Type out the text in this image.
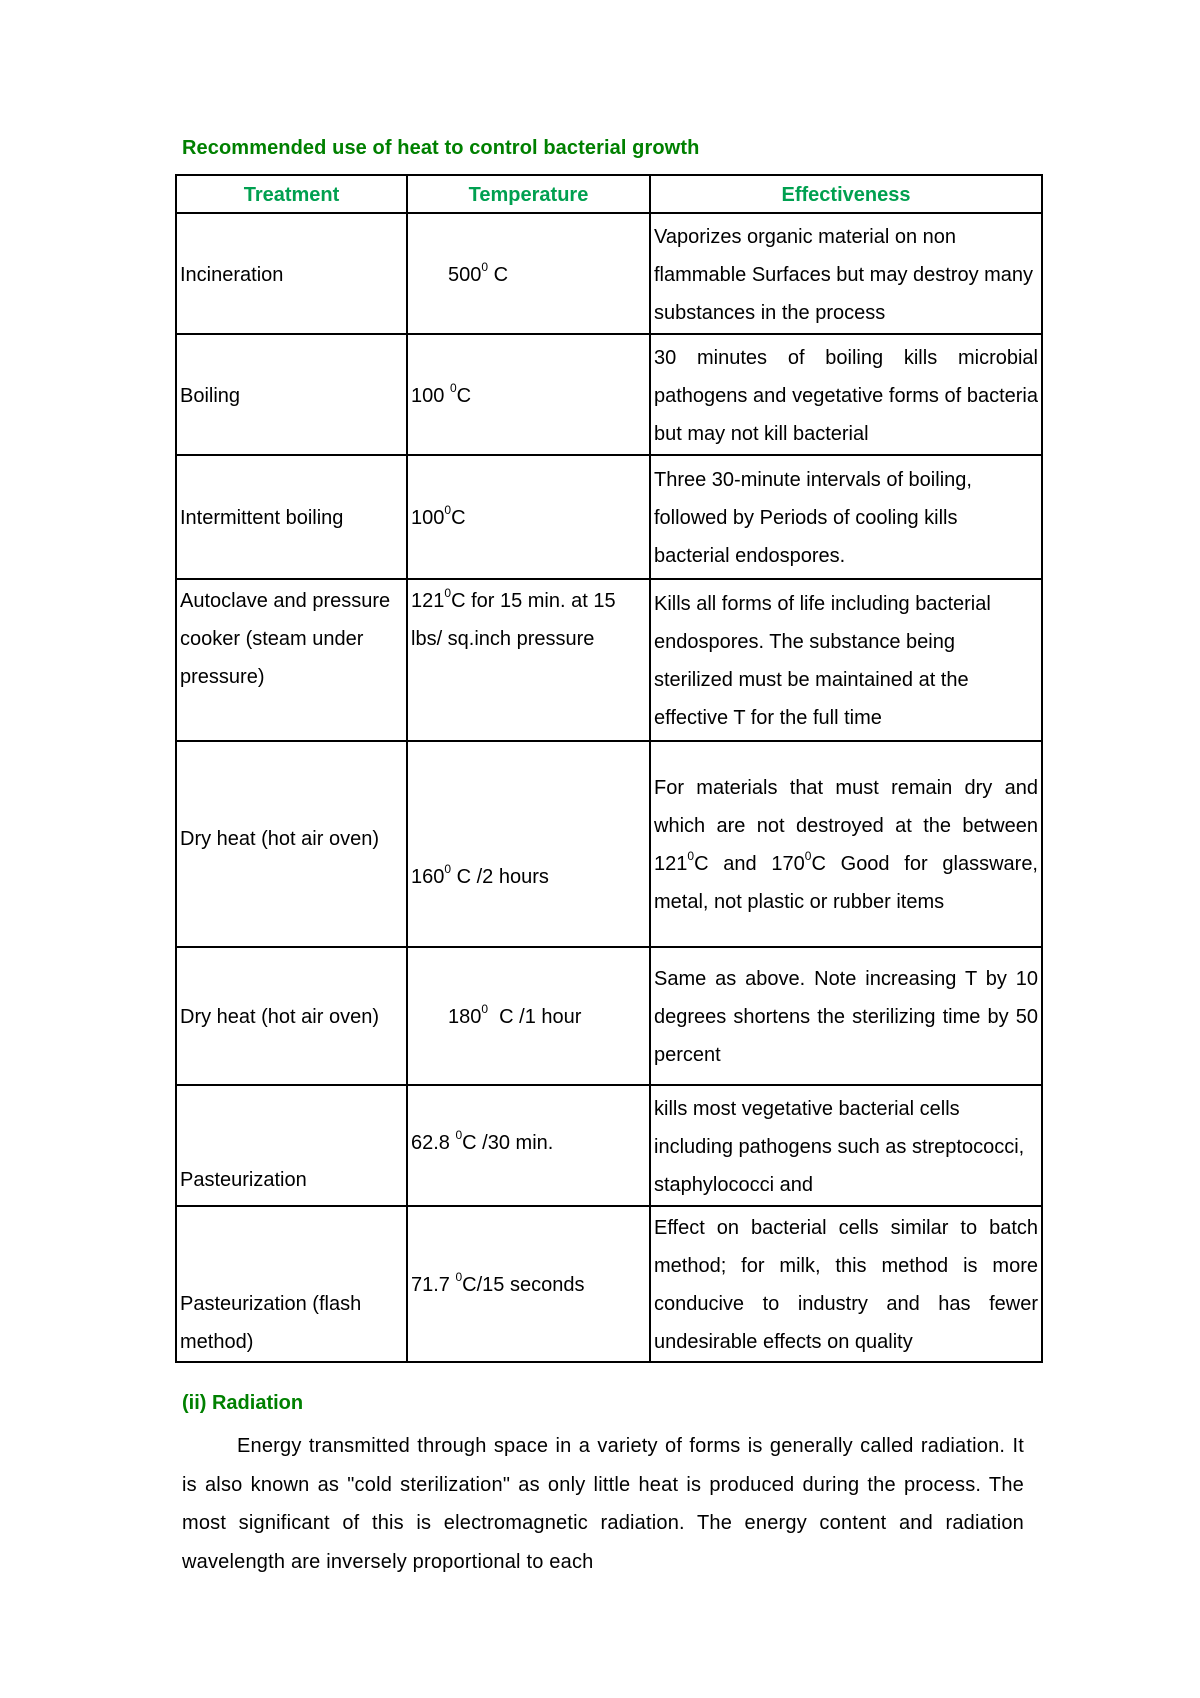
Recommended use of heat to control bacterial growth
Treatment	Temperature	Effectiveness
Incineration	$500^0$ C	Vaporizes organic material on non flammable Surfaces but may destroy many substances in the process
Boiling	100 $^0$C	30 minutes of boiling kills microbial pathogens and vegetative forms of bacteria but may not kill bacterial
Intermittent boiling	$100^0C$	Three 30-minute intervals of boiling, followed by Periods of cooling kills bacterial endospores.
Autoclave and pressure cooker (steam under pressure)	$121^0C$ for 15 min. at 15 lbs/ sq.inch pressure	Kills all forms of life including bacterial endospores. The substance being sterilized must be maintained at the effective T for the full time
Dry heat (hot air oven)	$160^0$ C /2 hours	For materials that must remain dry and which are not destroyed at the between $121^0C$ and $170^0C$ Good for glassware, metal, not plastic or rubber items
Dry heat (hot air oven)	$180^0$  C /1 hour	Same as above. Note increasing T by 10 degrees shortens the sterilizing time by 50 percent
Pasteurization	62.8 $^0$C /30 min.	kills most vegetative bacterial cells including pathogens such as streptococci, staphylococci and
Pasteurization (flash method)	71.7 $^0$C/15 seconds	Effect on bacterial cells similar to batch method; for milk, this method is more conducive to industry and has fewer undesirable effects on quality
(ii) Radiation
Energy transmitted through space in a variety of forms is generally called radiation. It is also known as "cold sterilization" as only little heat is produced during the process. The most significant of this is electromagnetic radiation. The energy content and radiation wavelength are inversely proportional to each
